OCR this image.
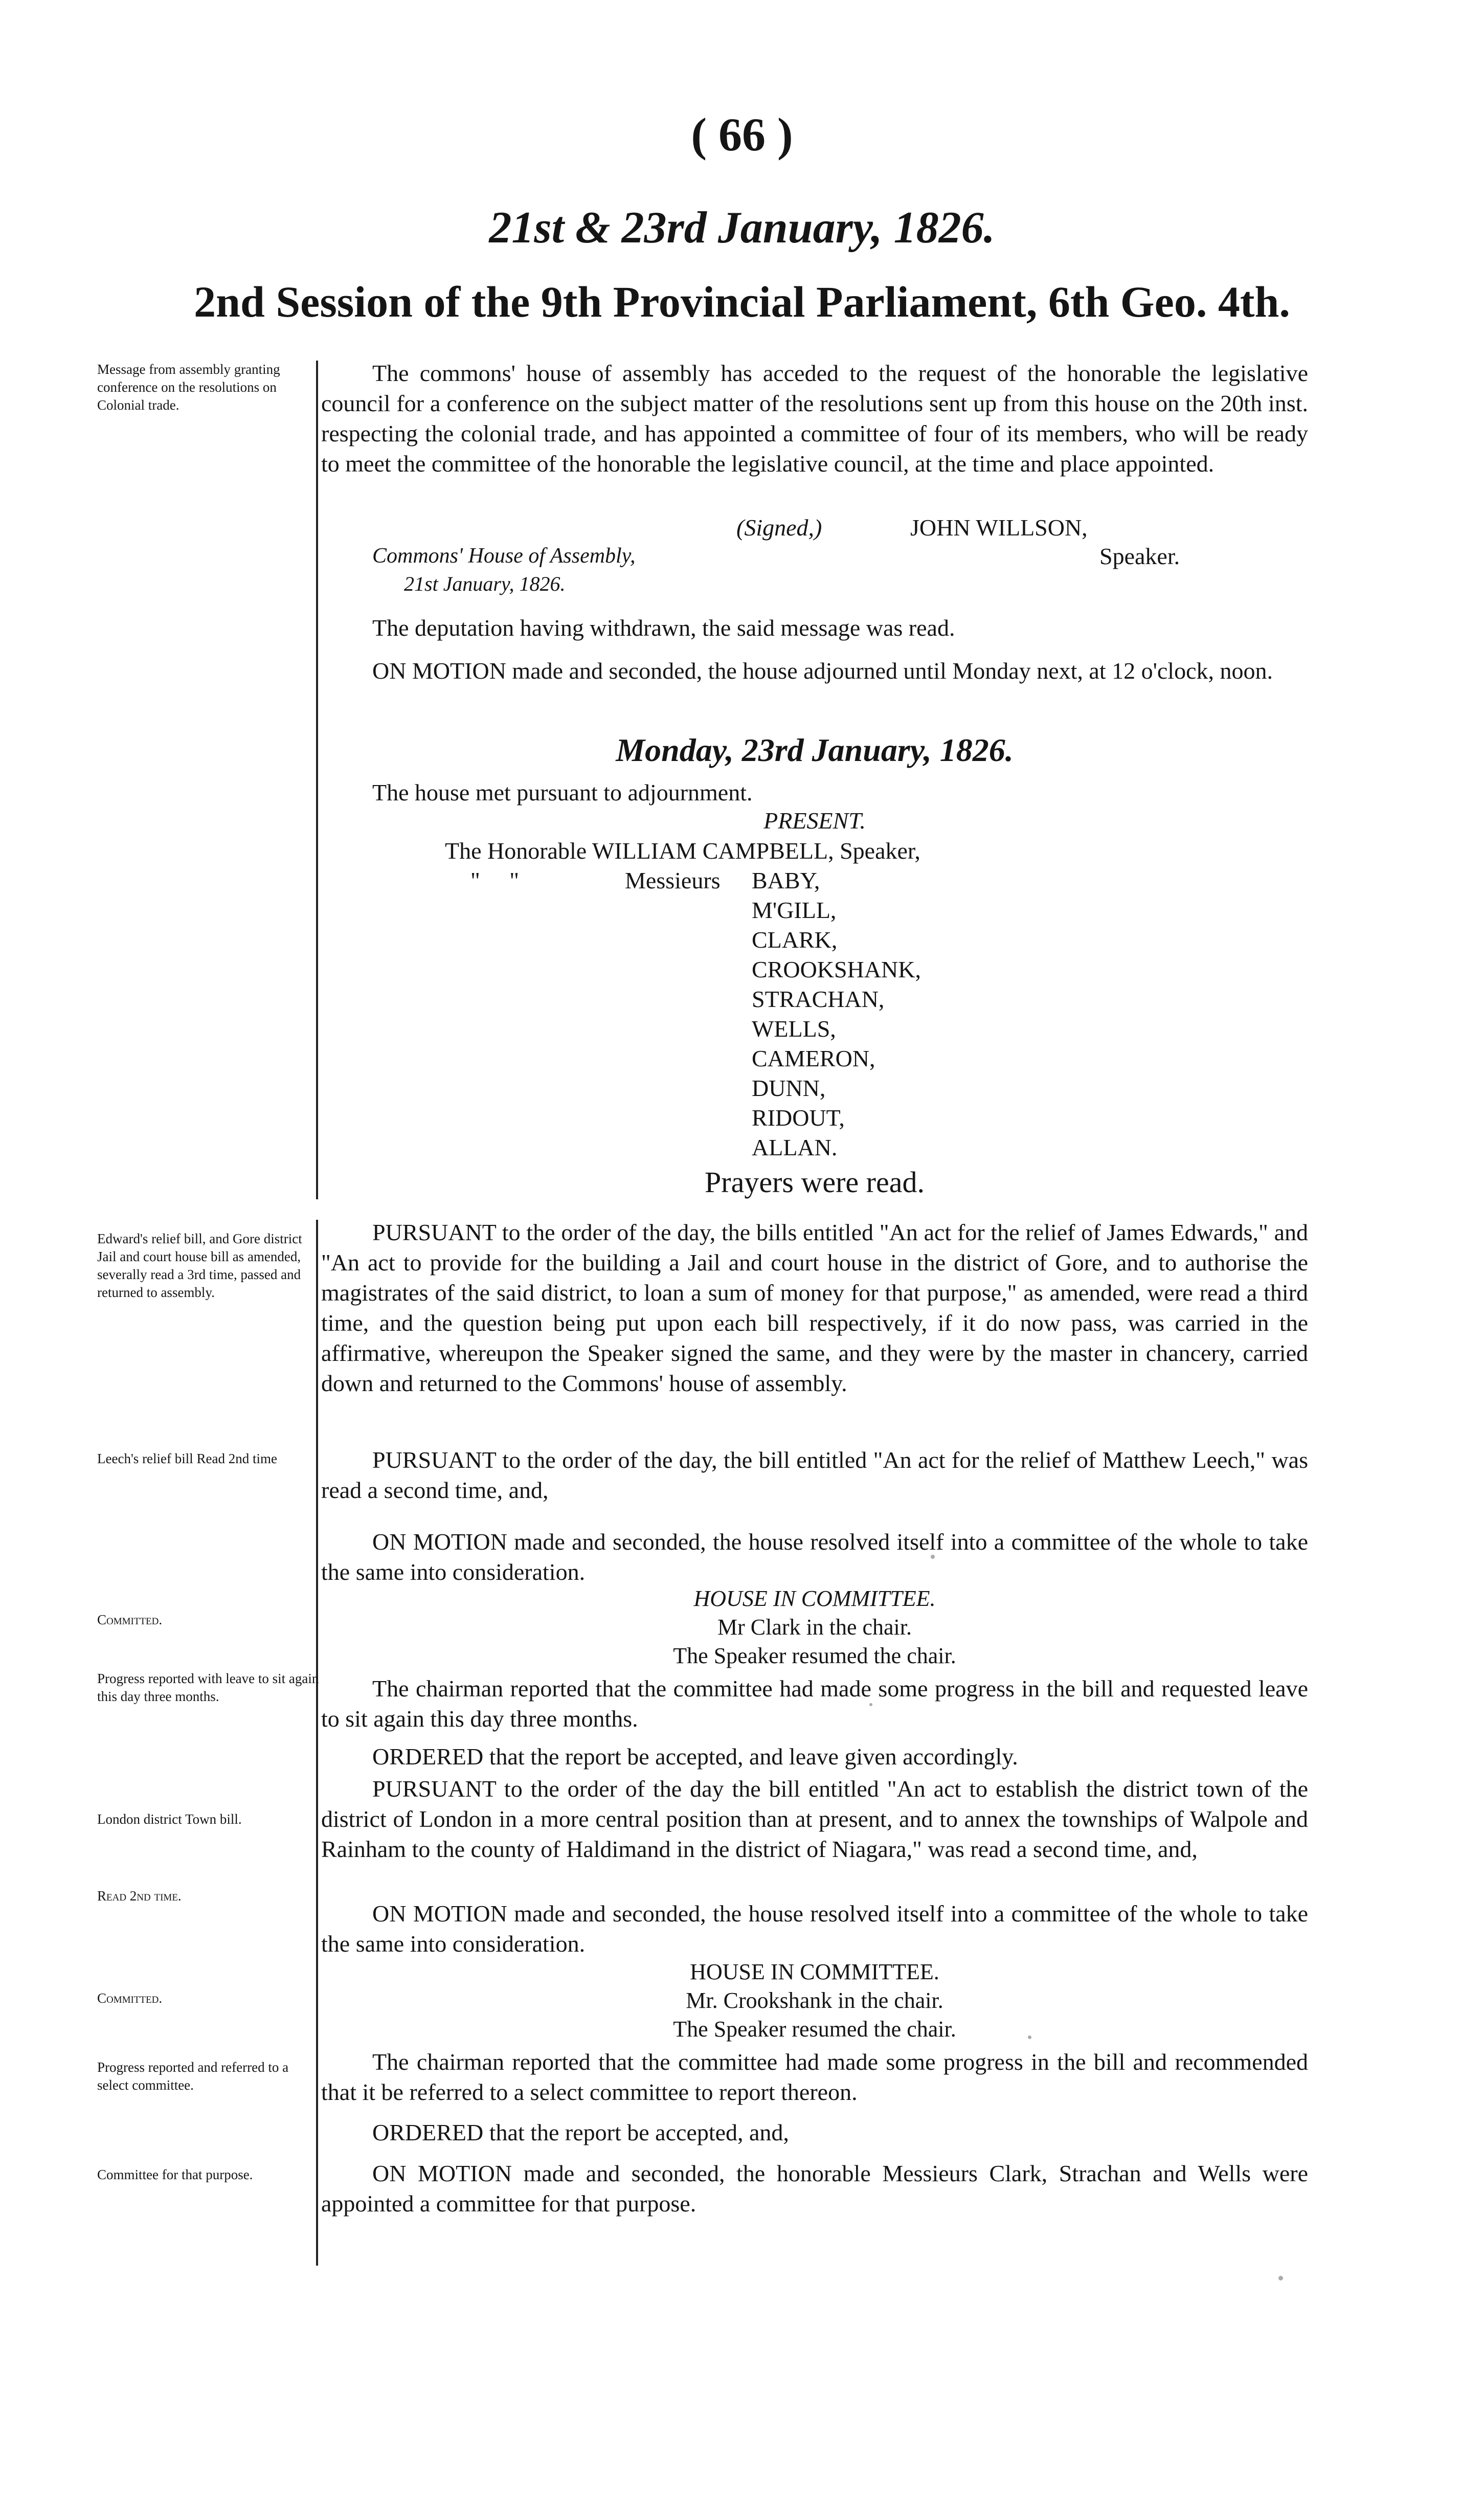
( 66 )
21st & 23rd January, 1826.
2nd Session of the 9th Provincial Parliament, 6th Geo. 4th.
Message from assembly granting conference on the resolutions on Colonial trade.
Edward's relief bill, and Gore district Jail and court house bill as amended, severally read a 3rd time, passed and returned to assembly.
Leech's relief bill Read 2nd time
Committed.
Progress reported with leave to sit again this day three months.
London district Town bill.
Read 2nd time.
Committed.
Progress reported and referred to a select committee.
Committee for that purpose.
The commons' house of assembly has acceded to the request of the honorable the legislative council for a conference on the subject matter of the resolutions sent up from this house on the 20th inst. respecting the colonial trade, and has appointed a committee of four of its members, who will be ready to meet the committee of the honorable the legislative council, at the time and place appointed.
(Signed,)	JOHN WILLSON,
Speaker.
Commons' House of Assembly,
21st January, 1826.
The deputation having withdrawn, the said message was read.
ON MOTION made and seconded, the house adjourned until Monday next, at 12 o'clock, noon.
Monday, 23rd January, 1826.
The house met pursuant to adjournment.
PRESENT.
The Honorable WILLIAM CAMPBELL, Speaker,
"     "	Messieurs BABY,
M'GILL,
CLARK,
CROOKSHANK,
STRACHAN,
WELLS,
CAMERON,
DUNN,
RIDOUT,
ALLAN.
Prayers were read.
PURSUANT to the order of the day, the bills entitled "An act for the relief of James Edwards," and "An act to provide for the building a Jail and court house in the district of Gore, and to authorise the magistrates of the said district, to loan a sum of money for that purpose," as amended, were read a third time, and the question being put upon each bill respectively, if it do now pass, was carried in the affirmative, whereupon the Speaker signed the same, and they were by the master in chancery, carried down and returned to the Commons' house of assembly.
PURSUANT to the order of the day, the bill entitled "An act for the relief of Matthew Leech," was read a second time, and,
ON MOTION made and seconded, the house resolved itself into a committee of the whole to take the same into consideration.
HOUSE IN COMMITTEE.
Mr Clark in the chair.
The Speaker resumed the chair.
The chairman reported that the committee had made some progress in the bill and requested leave to sit again this day three months.
ORDERED that the report be accepted, and leave given accordingly.
PURSUANT to the order of the day the bill entitled "An act to establish the district town of the district of London in a more central position than at present, and to annex the townships of Walpole and Rainham to the county of Haldimand in the district of Niagara," was read a second time, and,
ON MOTION made and seconded, the house resolved itself into a committee of the whole to take the same into consideration.
HOUSE IN COMMITTEE.
Mr. Crookshank in the chair.
The Speaker resumed the chair.
The chairman reported that the committee had made some progress in the bill and recommended that it be referred to a select committee to report thereon.
ORDERED that the report be accepted, and,
ON MOTION made and seconded, the honorable Messieurs Clark, Strachan and Wells were appointed a committee for that purpose.
